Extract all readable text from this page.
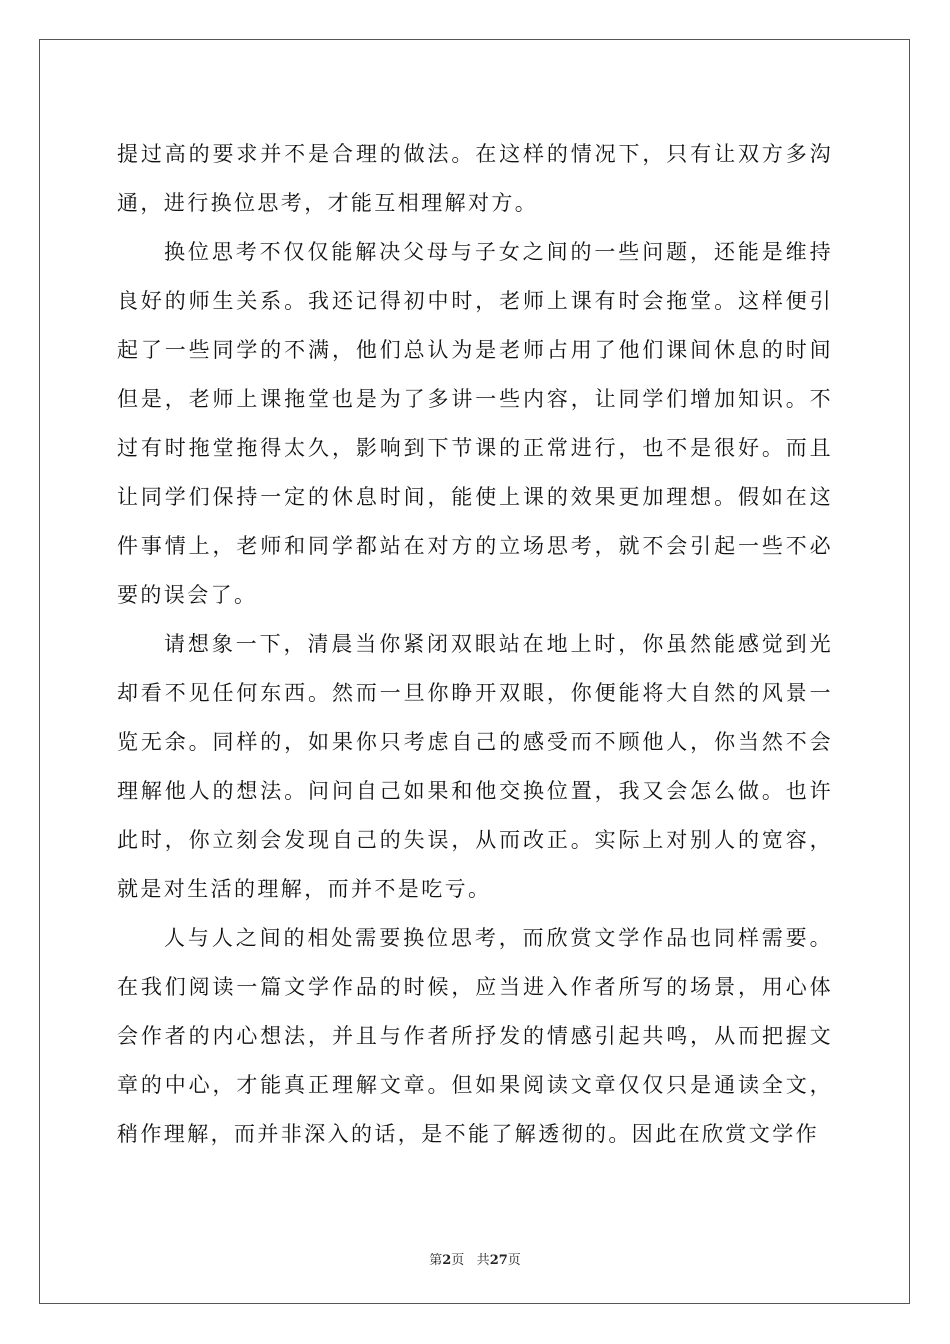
提过高的要求并不是合理的做法。在这样的情况下，只有让双方多沟通，进行换位思考，才能互相理解对方。

换位思考不仅仅能解决父母与子女之间的一些问题，还能是维持良好的师生关系。我还记得初中时，老师上课有时会拖堂。这样便引起了一些同学的不满，他们总认为是老师占用了他们课间休息的时间但是，老师上课拖堂也是为了多讲一些内容，让同学们增加知识。不过有时拖堂拖得太久，影响到下节课的正常进行，也不是很好。而且让同学们保持一定的休息时间，能使上课的效果更加理想。假如在这件事情上，老师和同学都站在对方的立场思考，就不会引起一些不必要的误会了。

请想象一下，清晨当你紧闭双眼站在地上时，你虽然能感觉到光却看不见任何东西。然而一旦你睁开双眼，你便能将大自然的风景一览无余。同样的，如果你只考虑自己的感受而不顾他人，你当然不会理解他人的想法。问问自己如果和他交换位置，我又会怎么做。也许此时，你立刻会发现自己的失误，从而改正。实际上对别人的宽容，就是对生活的理解，而并不是吃亏。

人与人之间的相处需要换位思考，而欣赏文学作品也同样需要。在我们阅读一篇文学作品的时候，应当进入作者所写的场景，用心体会作者的内心想法，并且与作者所抒发的情感引起共鸣，从而把握文章的中心，才能真正理解文章。但如果阅读文章仅仅只是通读全文，稍作理解，而并非深入的话，是不能了解透彻的。因此在欣赏文学作

第2页 共27页
